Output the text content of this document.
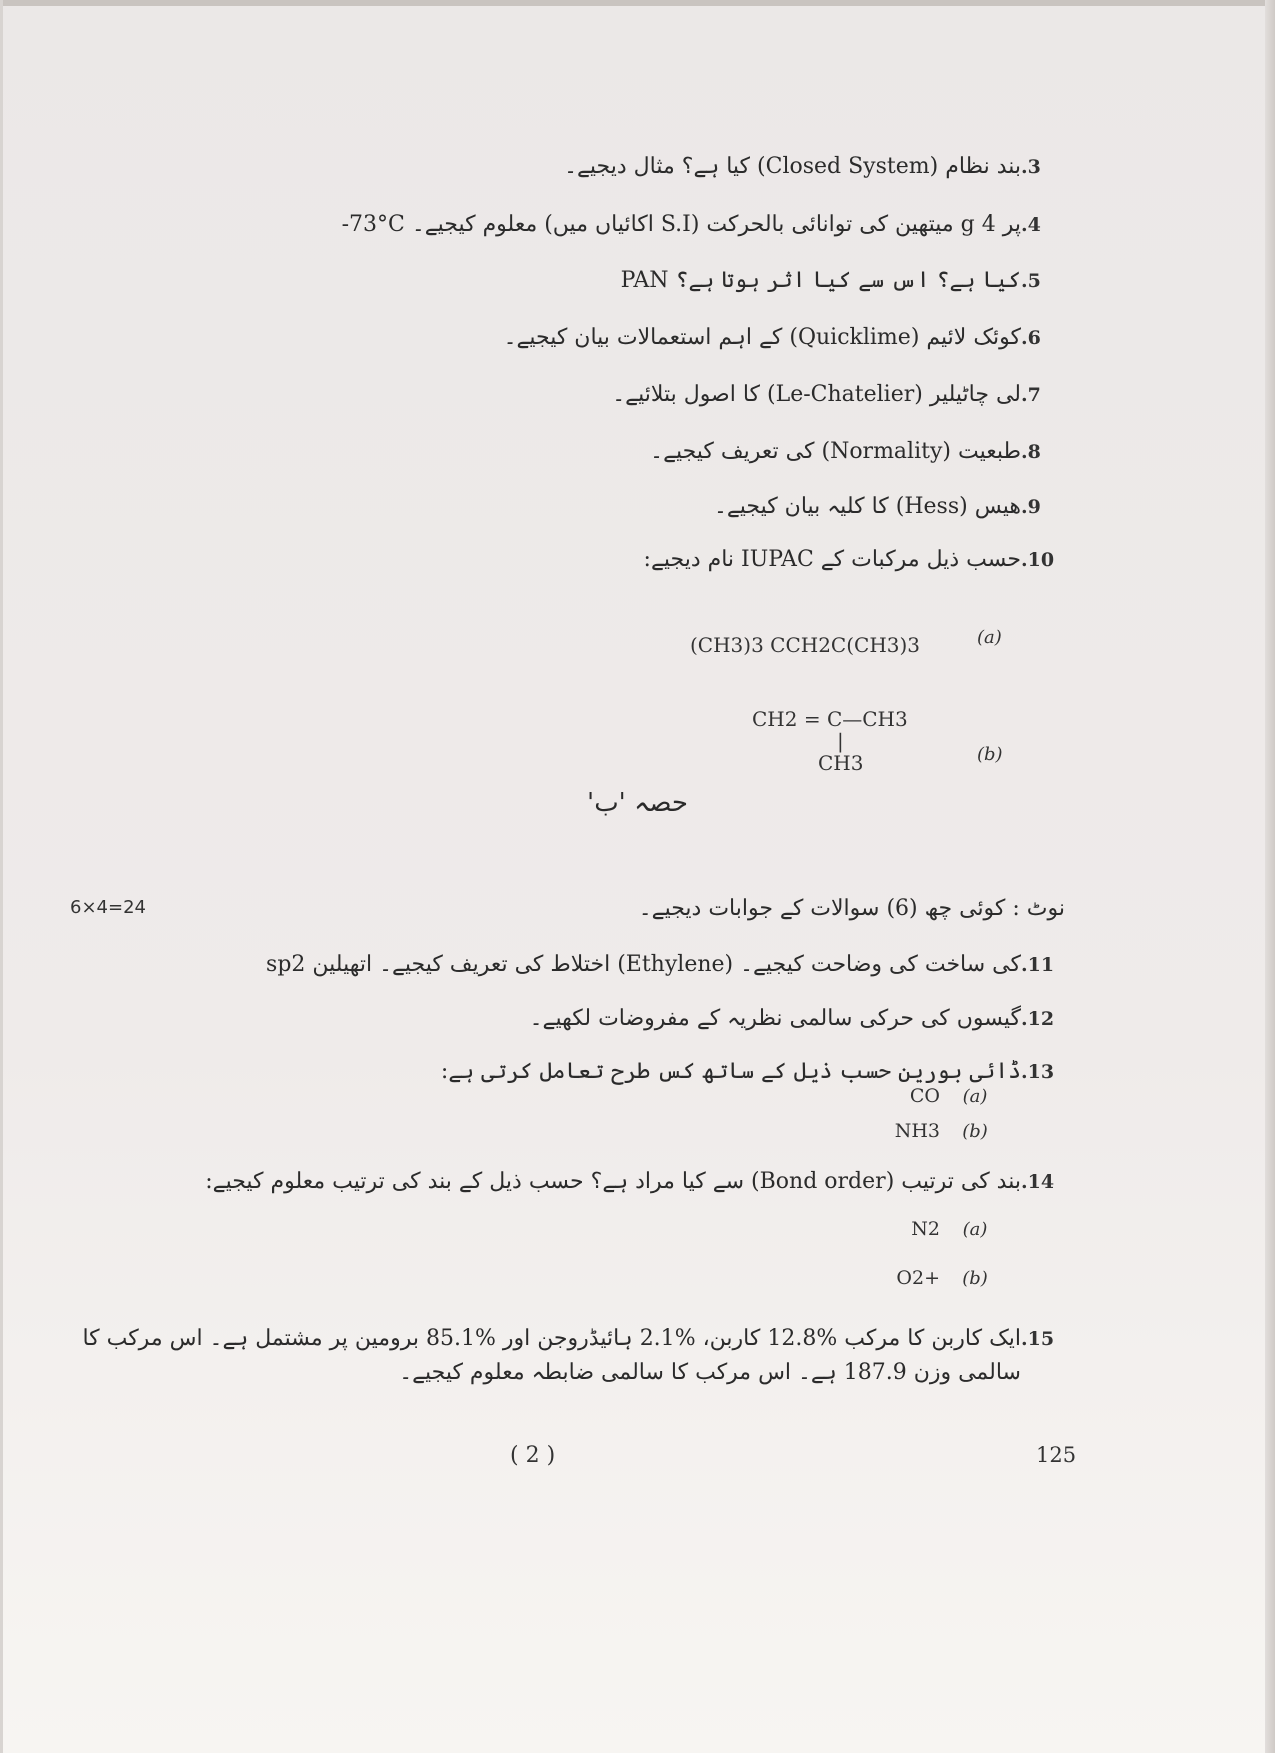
.3
بند نظام (Closed System) کیا ہے؟ مثال دیجیے۔
.4
پر 4 g میتھین کی توانائی بالحرکت (S.I اکائیاں میں) معلوم کیجیے۔ ‎-73°C
.5
PAN کیا ہے؟ اس سے کیا اثر ہوتا ہے؟
.6
کوئک لائیم (Quicklime) کے اہم استعمالات بیان کیجیے۔
.7
لی چاٹیلیر (Le-Chatelier) کا اصول بتلائیے۔
.8
طبعیت (Normality) کی تعریف کیجیے۔
.9
ھیس (Hess) کا کلیہ بیان کیجیے۔
.10
حسب ذیل مرکبات کے IUPAC نام دیجیے:
(CH3)3 CCH2C(CH3)3	(a)
CH2 = C—CH3
|
CH3	(b)
حصہ 'ب'
نوٹ : کوئی چھ (6) سوالات کے جوابات دیجیے۔
6×4=24
.11
sp2 اختلاط کی تعریف کیجیے۔ اتھیلین (Ethylene) کی ساخت کی وضاحت کیجیے۔
.12
گیسوں کی حرکی سالمی نظریہ کے مفروضات لکھیے۔
.13
ڈائی بورین حسب ذیل کے ساتھ کس طرح تعامل کرتی ہے:
CO	(a)
NH3	(b)
.14
بند کی ترتیب (Bond order) سے کیا مراد ہے؟ حسب ذیل کے بند کی ترتیب معلوم کیجیے:
N2	(a)
O2+	(b)
.15
ایک کاربن کا مرکب %12.8 کاربن، %2.1 ہائیڈروجن اور %85.1 برومین پر مشتمل ہے۔ اس مرکب کا سالمی وزن 187.9 ہے۔ اس مرکب کا سالمی ضابطہ معلوم کیجیے۔
( 2 )	125
